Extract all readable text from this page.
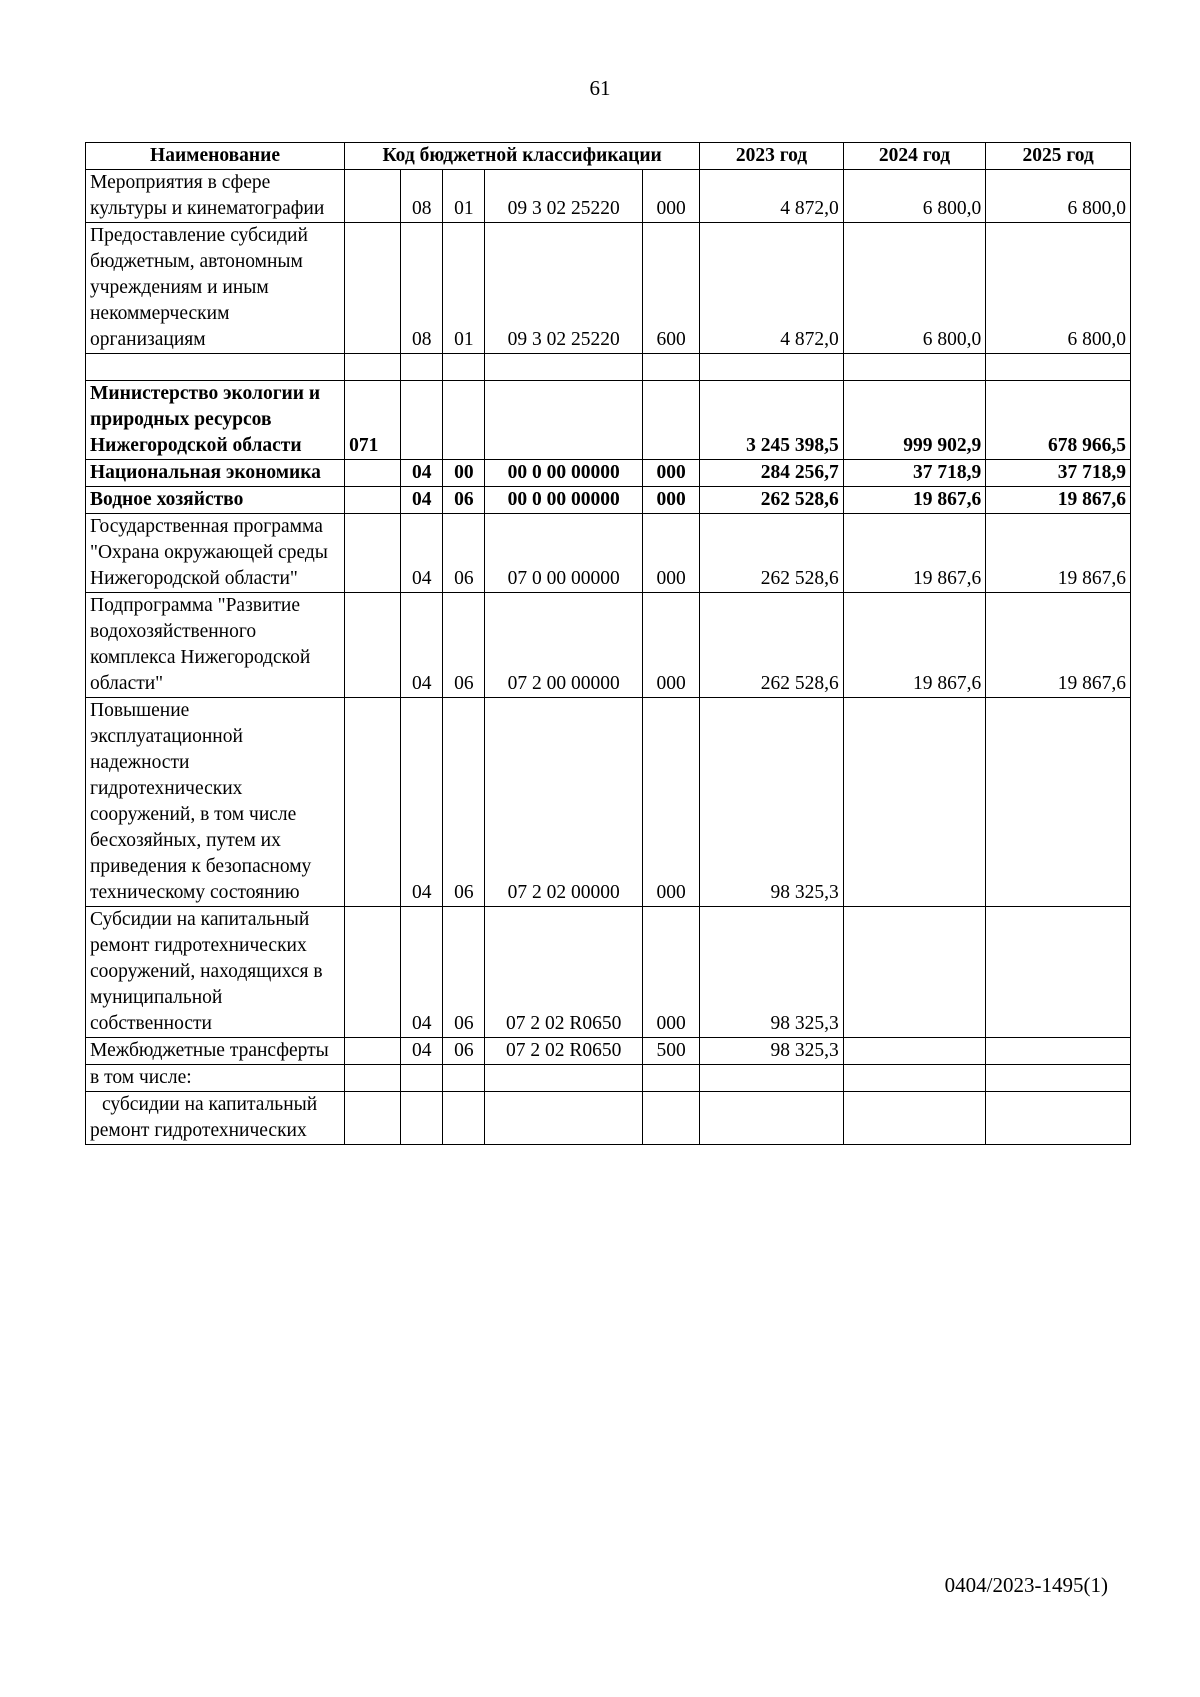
61
Наименование	Код бюджетной классификации					2023 год	2024 год	2025 год
Мероприятия в сфере культуры и кинематографии		08	01	09 3 02 25220	000	4 872,0	6 800,0	6 800,0
Предоставление субсидий бюджетным, автономным учреждениям и иным некоммерческим организациям		08	01	09 3 02 25220	600	4 872,0	6 800,0	6 800,0

Министерство экологии и природных ресурсов Нижегородской области	071					3 245 398,5	999 902,9	678 966,5
Национальная экономика		04	00	00 0 00 00000	000	284 256,7	37 718,9	37 718,9
Водное хозяйство		04	06	00 0 00 00000	000	262 528,6	19 867,6	19 867,6
Государственная программа "Охрана окружающей среды Нижегородской области"		04	06	07 0 00 00000	000	262 528,6	19 867,6	19 867,6
Подпрограмма "Развитие водохозяйственного комплекса Нижегородской области"		04	06	07 2 00 00000	000	262 528,6	19 867,6	19 867,6
Повышение эксплуатационной надежности гидротехнических сооружений, в том числе бесхозяйных, путем их приведения к безопасному техническому состоянию		04	06	07 2 02 00000	000	98 325,3		
Субсидии на капитальный ремонт гидротехнических сооружений, находящихся в муниципальной собственности		04	06	07 2 02 R0650	000	98 325,3		
Межбюджетные трансферты		04	06	07 2 02 R0650	500	98 325,3		
в том числе:								
субсидии на капитальный ремонт гидротехнических								
0404/2023-1495(1)
